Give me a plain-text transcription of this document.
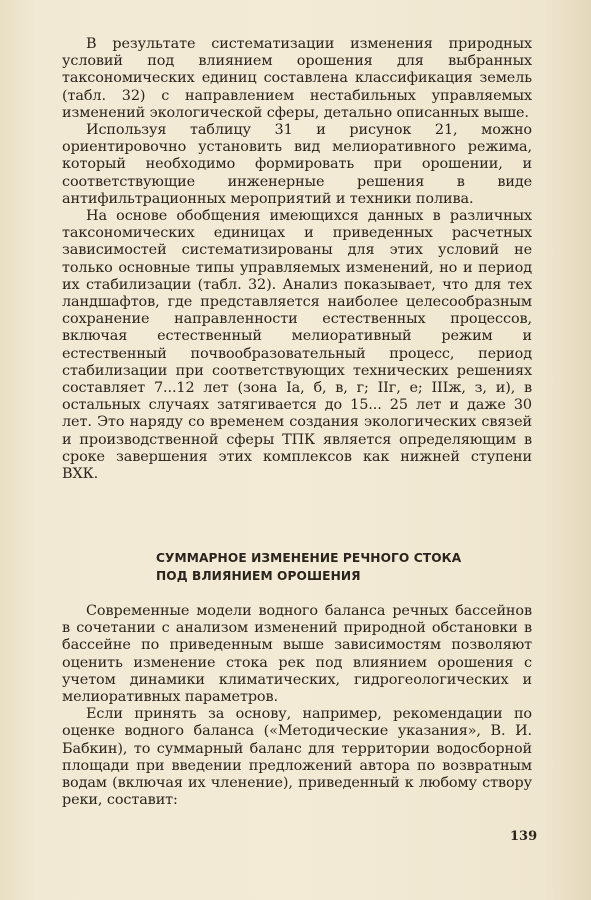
В результате систематизации изменения природных условий под влиянием орошения для выбранных таксономических единиц составлена классификация земель (табл. 32) с направлением нестабильных управляемых изменений экологической сферы, детально описанных выше.

Используя таблицу 31 и рисунок 21, можно ориентировочно установить вид мелиоративного режима, который необходимо формировать при орошении, и соответствующие инженерные решения в виде антифильтрационных мероприятий и техники полива.

На основе обобщения имеющихся данных в различных таксономических единицах и приведенных расчетных зависимостей систематизированы для этих условий не только основные типы управляемых изменений, но и период их стабилизации (табл. 32). Анализ показывает, что для тех ландшафтов, где представляется наиболее целесообразным сохранение направленности естественных процессов, включая естественный мелиоративный режим и естественный почвообразовательный процесс, период стабилизации при соответствующих технических решениях составляет 7...12 лет (зона Iа, б, в, г; IIг, е; IIIж, з, и), в остальных случаях затягивается до 15... 25 лет и даже 30 лет. Это наряду со временем создания экологических связей и производственной сферы ТПК является определяющим в сроке завершения этих комплексов как нижней ступени ВХК.

СУММАРНОЕ ИЗМЕНЕНИЕ РЕЧНОГО СТОКА
ПОД ВЛИЯНИЕМ ОРОШЕНИЯ

Современные модели водного баланса речных бассейнов в сочетании с анализом изменений природной обстановки в бассейне по приведенным выше зависимостям позволяют оценить изменение стока рек под влиянием орошения с учетом динамики климатических, гидрогеологических и мелиоративных параметров.

Если принять за основу, например, рекомендации по оценке водного баланса («Методические указания», В. И. Бабкин), то суммарный баланс для территории водосборной площади при введении предложений автора по возвратным водам (включая их членение), приведенный к любому створу реки, составит:

139
